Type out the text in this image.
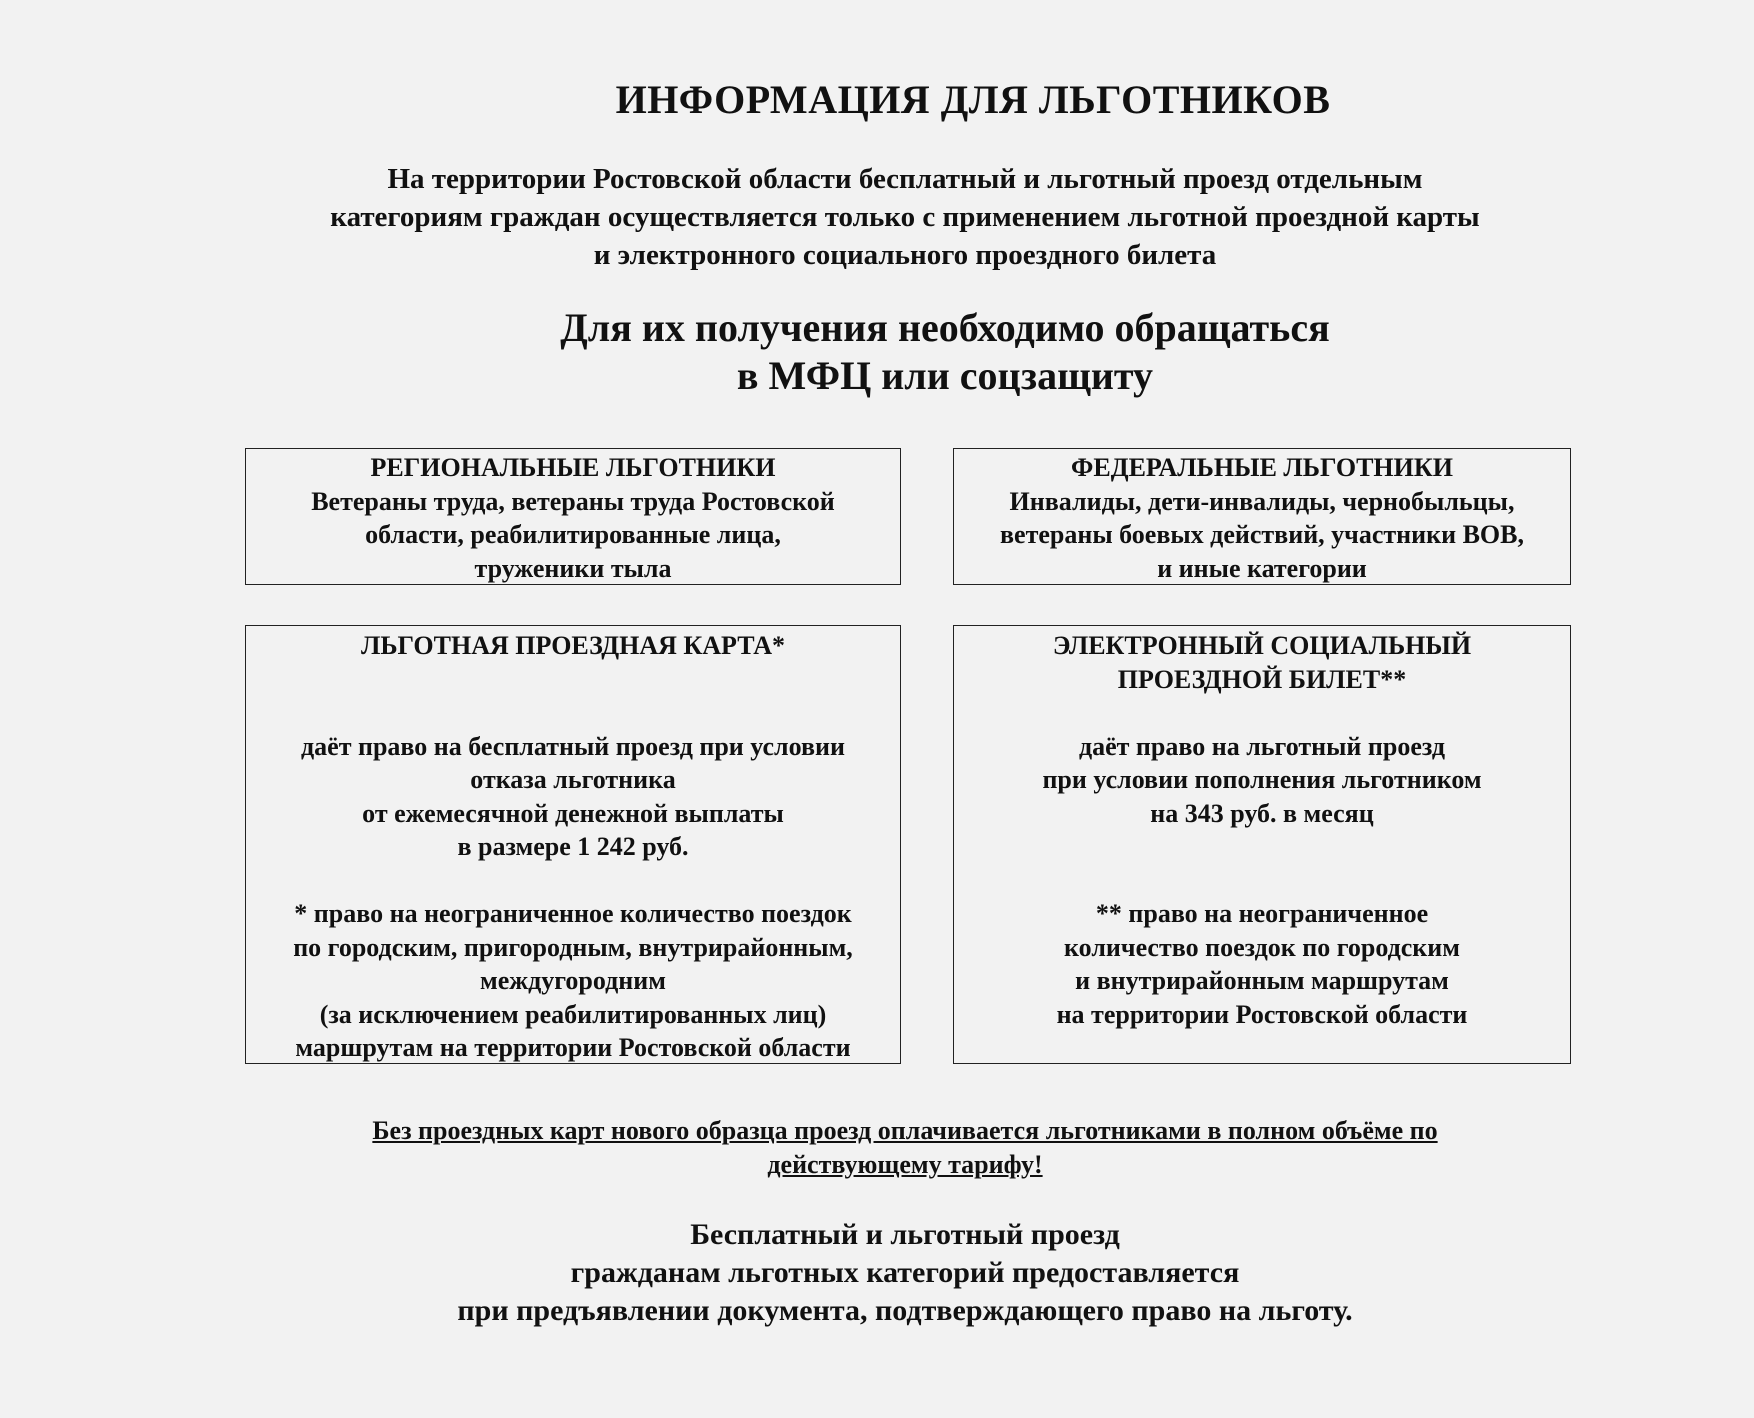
ИНФОРМАЦИЯ ДЛЯ ЛЬГОТНИКОВ
На территории Ростовской области бесплатный и льготный проезд отдельным
категориям граждан осуществляется только с применением льготной проездной карты
и электронного социального проездного билета
Для их получения необходимо обращаться
в МФЦ или соцзащиту
РЕГИОНАЛЬНЫЕ ЛЬГОТНИКИ
Ветераны труда, ветераны труда Ростовской
области, реабилитированные лица,
труженики тыла
ФЕДЕРАЛЬНЫЕ ЛЬГОТНИКИ
Инвалиды, дети-инвалиды, чернобыльцы,
ветераны боевых действий, участники ВОВ,
и иные категории
ЛЬГОТНАЯ ПРОЕЗДНАЯ КАРТА*
даёт право на бесплатный проезд при условии
отказа льготника
от ежемесячной денежной выплаты
в размере 1 242 руб.
* право на неограниченное количество поездок
по городским, пригородным, внутрирайонным,
междугородним
(за исключением реабилитированных лиц)
маршрутам на территории Ростовской области
ЭЛЕКТРОННЫЙ СОЦИАЛЬНЫЙ
ПРОЕЗДНОЙ БИЛЕТ**
даёт право на льготный проезд
при условии пополнения льготником
на 343 руб. в месяц
** право на неограниченное
количество поездок по городским
и внутрирайонным маршрутам
на территории Ростовской области
Без проездных карт нового образца проезд оплачивается льготниками в полном объёме по
действующему тарифу!
Бесплатный и льготный проезд
гражданам льготных категорий предоставляется
при предъявлении документа, подтверждающего право на льготу.
